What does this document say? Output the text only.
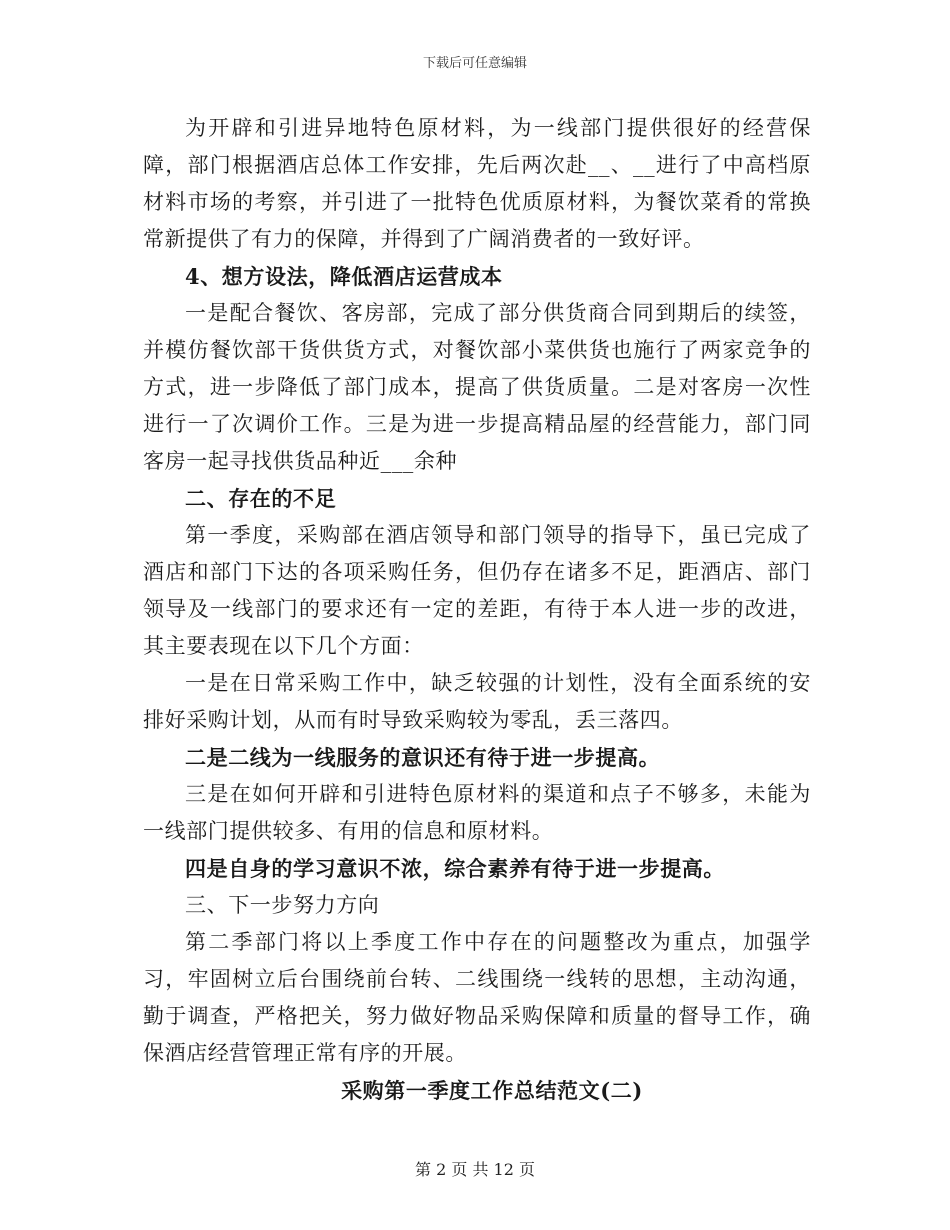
下载后可任意编辑

为开辟和引进异地特色原材料，为一线部门提供很好的经营保障，部门根据酒店总体工作安排，先后两次赴__、__进行了中高档原材料市场的考察，并引进了一批特色优质原材料，为餐饮菜肴的常换常新提供了有力的保障，并得到了广阔消费者的一致好评。

4、想方设法，降低酒店运营成本

一是配合餐饮、客房部，完成了部分供货商合同到期后的续签，并模仿餐饮部干货供货方式，对餐饮部小菜供货也施行了两家竞争的方式，进一步降低了部门成本，提高了供货质量。二是对客房一次性进行一了次调价工作。三是为进一步提高精品屋的经营能力，部门同客房一起寻找供货品种近___余种

二、存在的不足

第一季度，采购部在酒店领导和部门领导的指导下，虽已完成了酒店和部门下达的各项采购任务，但仍存在诸多不足，距酒店、部门领导及一线部门的要求还有一定的差距，有待于本人进一步的改进，其主要表现在以下几个方面：

一是在日常采购工作中，缺乏较强的计划性，没有全面系统的安排好采购计划，从而有时导致采购较为零乱，丢三落四。

二是二线为一线服务的意识还有待于进一步提高。

三是在如何开辟和引进特色原材料的渠道和点子不够多，未能为一线部门提供较多、有用的信息和原材料。

四是自身的学习意识不浓，综合素养有待于进一步提高。

三、下一步努力方向

第二季部门将以上季度工作中存在的问题整改为重点，加强学习，牢固树立后台围绕前台转、二线围绕一线转的思想，主动沟通，勤于调查，严格把关，努力做好物品采购保障和质量的督导工作，确保酒店经营管理正常有序的开展。

采购第一季度工作总结范文(二)

第 2 页 共 12 页
